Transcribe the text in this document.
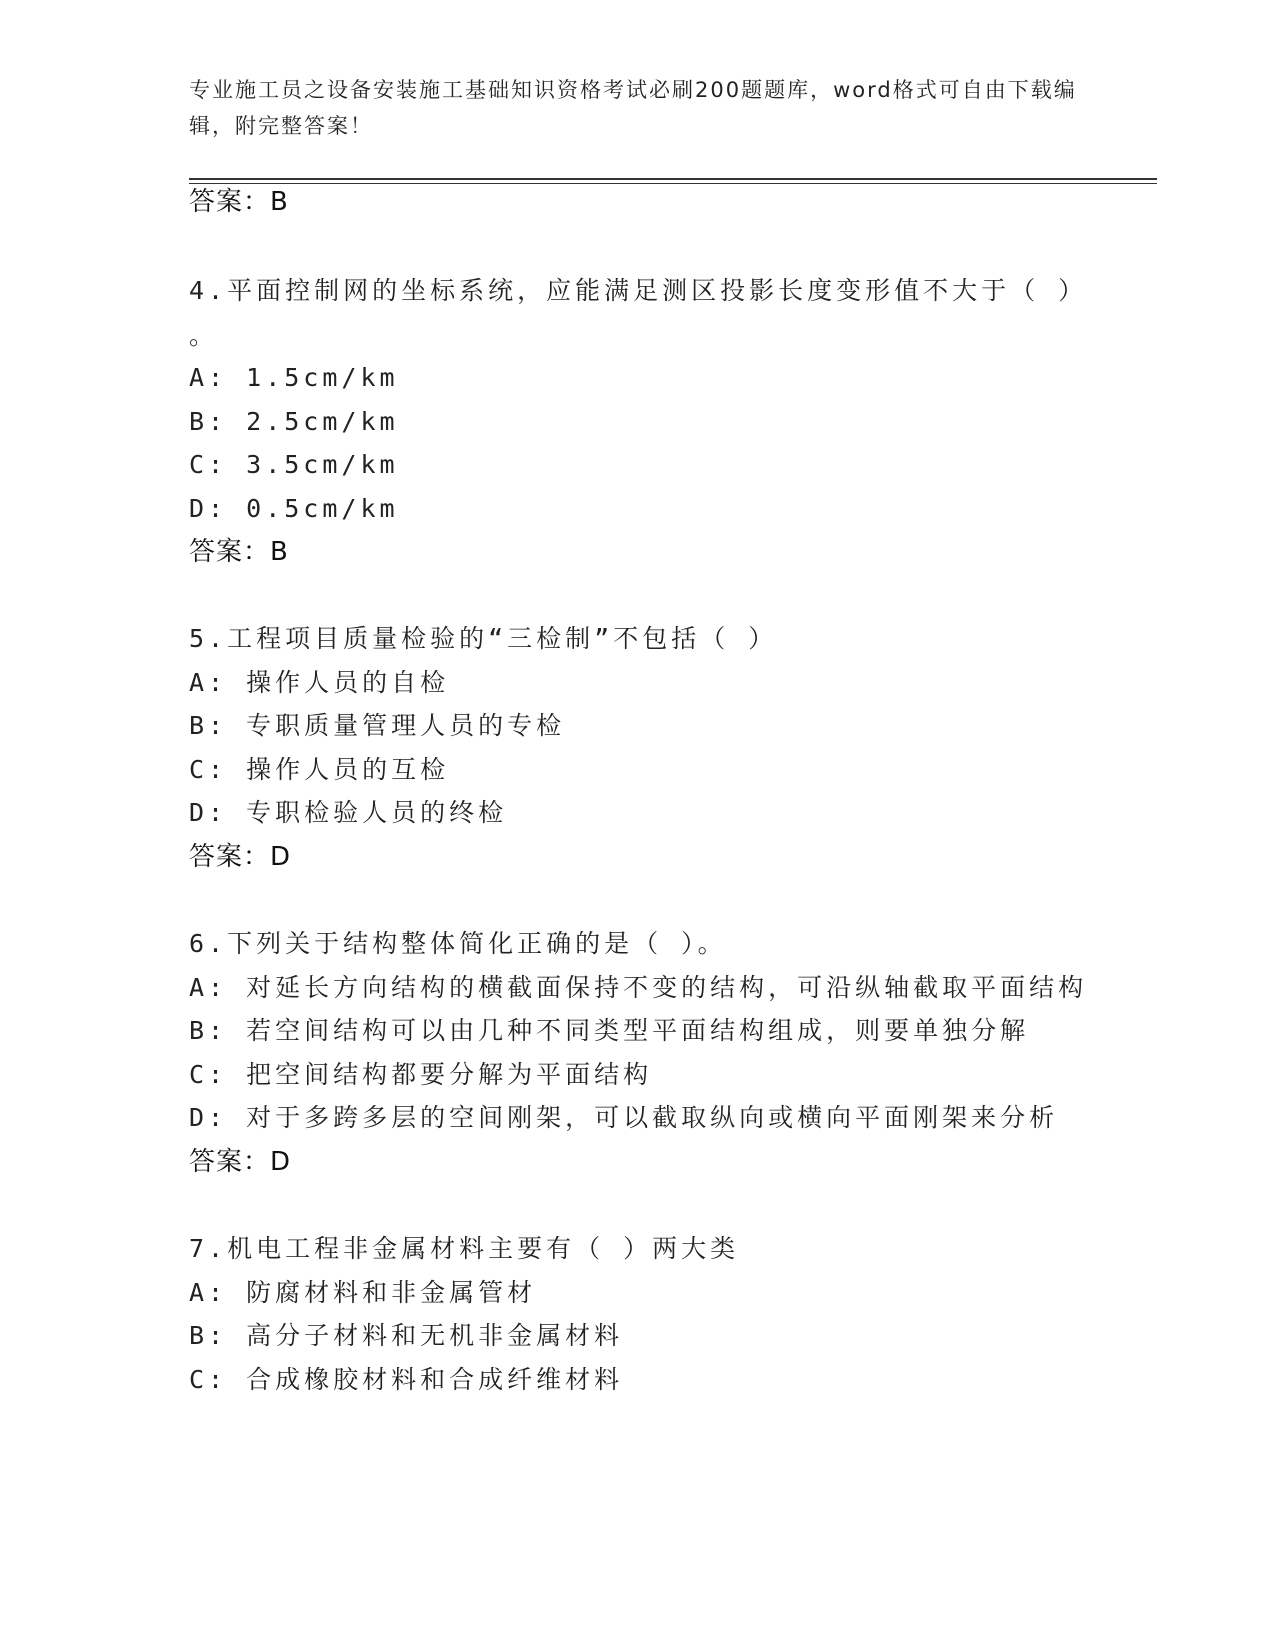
专业施工员之设备安装施工基础知识资格考试必刷200题题库，word格式可自由下载编辑，附完整答案！
答案：B
4.平面控制网的坐标系统，应能满足测区投影长度变形值不大于（ ）
。
A: 1.5cm/km
B: 2.5cm/km
C: 3.5cm/km
D: 0.5cm/km
答案：B
5.工程项目质量检验的“三检制”不包括（ ）
A: 操作人员的自检
B: 专职质量管理人员的专检
C: 操作人员的互检
D: 专职检验人员的终检
答案：D
6.下列关于结构整体简化正确的是（ ）。
A: 对延长方向结构的横截面保持不变的结构，可沿纵轴截取平面结构
B: 若空间结构可以由几种不同类型平面结构组成，则要单独分解
C: 把空间结构都要分解为平面结构
D: 对于多跨多层的空间刚架，可以截取纵向或横向平面刚架来分析
答案：D
7.机电工程非金属材料主要有（ ）两大类
A: 防腐材料和非金属管材
B: 高分子材料和无机非金属材料
C: 合成橡胶材料和合成纤维材料
